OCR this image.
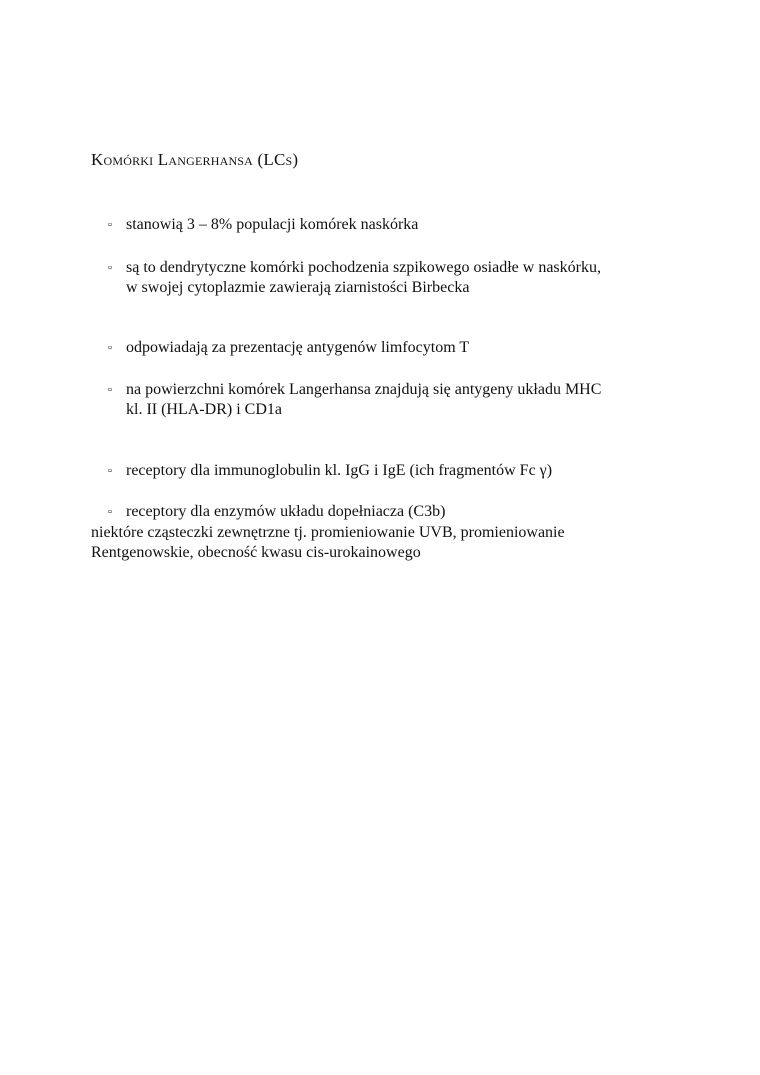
Komórki Langerhansa (LCs)
▫ stanowią 3 – 8% populacji komórek naskórka
▫ są to dendrytyczne komórki pochodzenia szpikowego osiadłe w naskórku,
w swojej cytoplazmie zawierają ziarnistości Birbecka
▫ odpowiadają za prezentację antygenów limfocytom T
▫ na powierzchni komórek Langerhansa znajdują się antygeny układu MHC
kl. II (HLA-DR) i CD1a
▫ receptory dla immunoglobulin kl. IgG i IgE (ich fragmentów Fc γ)
▫ receptory dla enzymów układu dopełniacza (C3b)
niektóre cząsteczki zewnętrzne tj. promieniowanie UVB, promieniowanie
Rentgenowskie, obecność kwasu cis-urokainowego
